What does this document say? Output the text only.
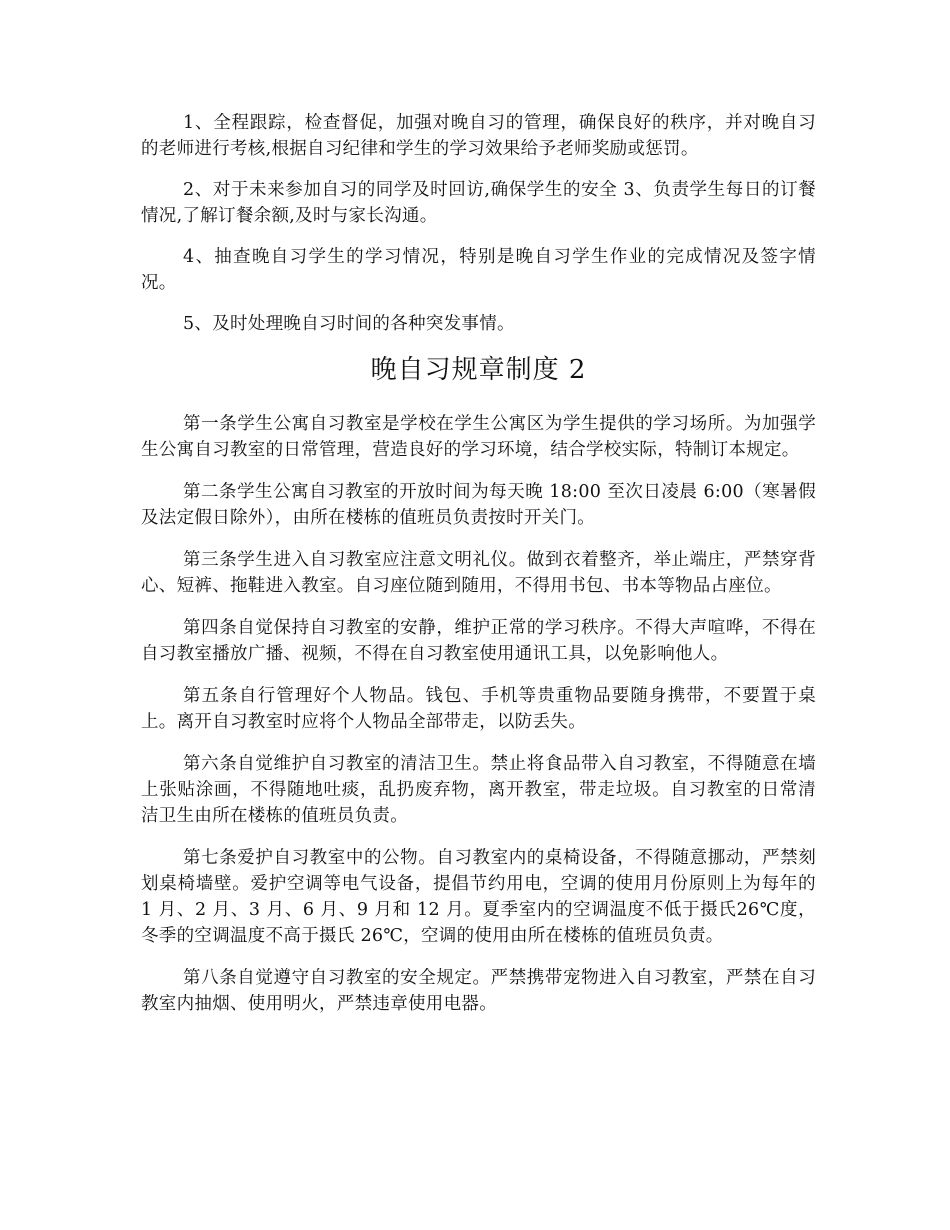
1、全程跟踪，检查督促，加强对晚自习的管理，确保良好的秩序，并对晚自习的老师进行考核,根据自习纪律和学生的学习效果给予老师奖励或惩罚。

2、对于未来参加自习的同学及时回访,确保学生的安全 3、负责学生每日的订餐情况,了解订餐余额,及时与家长沟通。

4、抽查晚自习学生的学习情况，特别是晚自习学生作业的完成情况及签字情况。

5、及时处理晚自习时间的各种突发事情。

晚自习规章制度 2

第一条学生公寓自习教室是学校在学生公寓区为学生提供的学习场所。为加强学生公寓自习教室的日常管理，营造良好的学习环境，结合学校实际，特制订本规定。

第二条学生公寓自习教室的开放时间为每天晚 18:00 至次日凌晨 6:00（寒暑假及法定假日除外），由所在楼栋的值班员负责按时开关门。

第三条学生进入自习教室应注意文明礼仪。做到衣着整齐，举止端庄，严禁穿背心、短裤、拖鞋进入教室。自习座位随到随用，不得用书包、书本等物品占座位。

第四条自觉保持自习教室的安静，维护正常的学习秩序。不得大声喧哗，不得在自习教室播放广播、视频，不得在自习教室使用通讯工具，以免影响他人。

第五条自行管理好个人物品。钱包、手机等贵重物品要随身携带，不要置于桌上。离开自习教室时应将个人物品全部带走，以防丢失。

第六条自觉维护自习教室的清洁卫生。禁止将食品带入自习教室，不得随意在墙上张贴涂画，不得随地吐痰，乱扔废弃物，离开教室，带走垃圾。自习教室的日常清洁卫生由所在楼栋的值班员负责。

第七条爱护自习教室中的公物。自习教室内的桌椅设备，不得随意挪动，严禁刻划桌椅墙壁。爱护空调等电气设备，提倡节约用电，空调的使用月份原则上为每年的 1 月、2 月、3 月、6 月、9 月和 12 月。夏季室内的空调温度不低于摄氏26℃度，冬季的空调温度不高于摄氏 26℃，空调的使用由所在楼栋的值班员负责。

第八条自觉遵守自习教室的安全规定。严禁携带宠物进入自习教室，严禁在自习教室内抽烟、使用明火，严禁违章使用电器。
